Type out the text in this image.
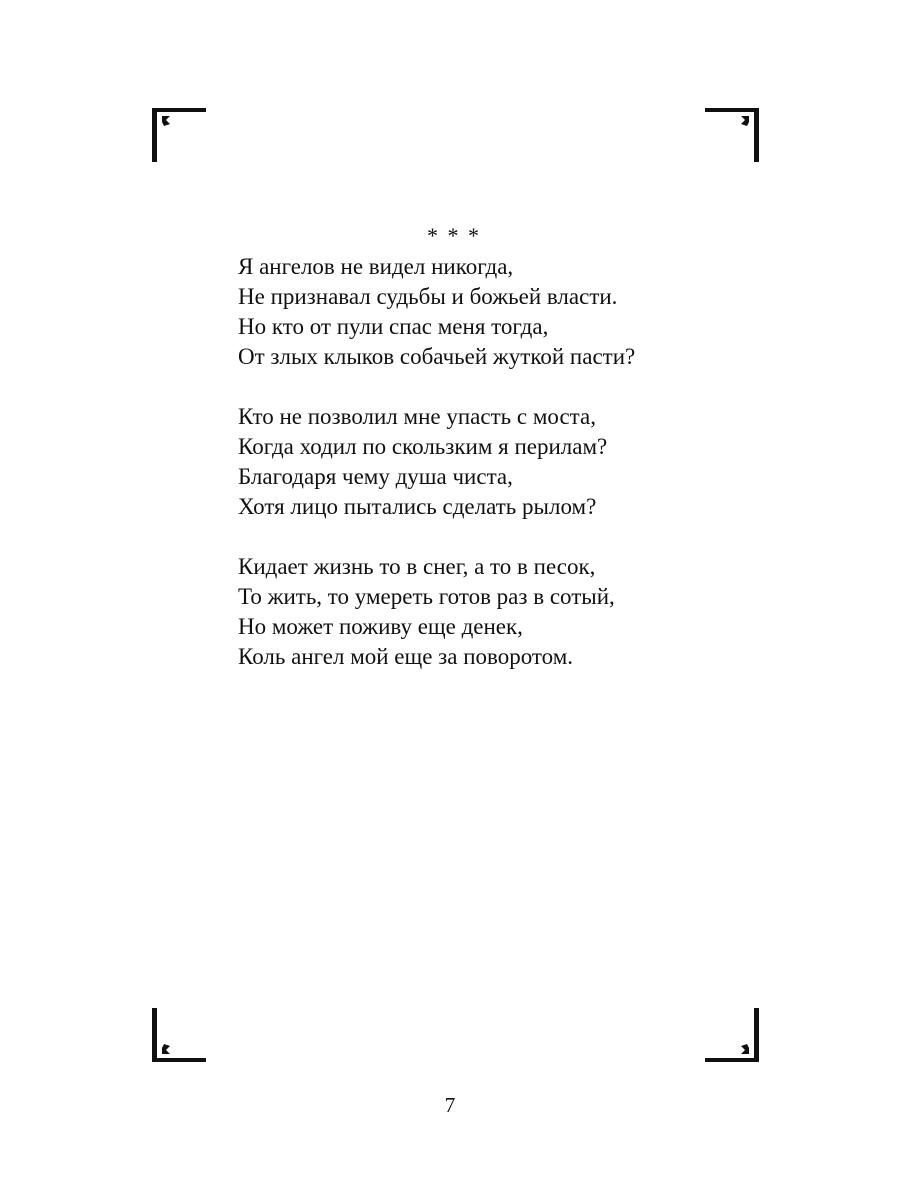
* * *
Я ангелов не видел никогда,
Не признавал судьбы и божьей власти.
Но кто от пули спас меня тогда,
От злых клыков собачьей жуткой пасти?
Кто не позволил мне упасть с моста,
Когда ходил по скользким я перилам?
Благодаря чему душа чиста,
Хотя лицо пытались сделать рылом?
Кидает жизнь то в снег, а то в песок,
То жить, то умереть готов раз в сотый,
Но может поживу еще денек,
Коль ангел мой еще за поворотом.
7
